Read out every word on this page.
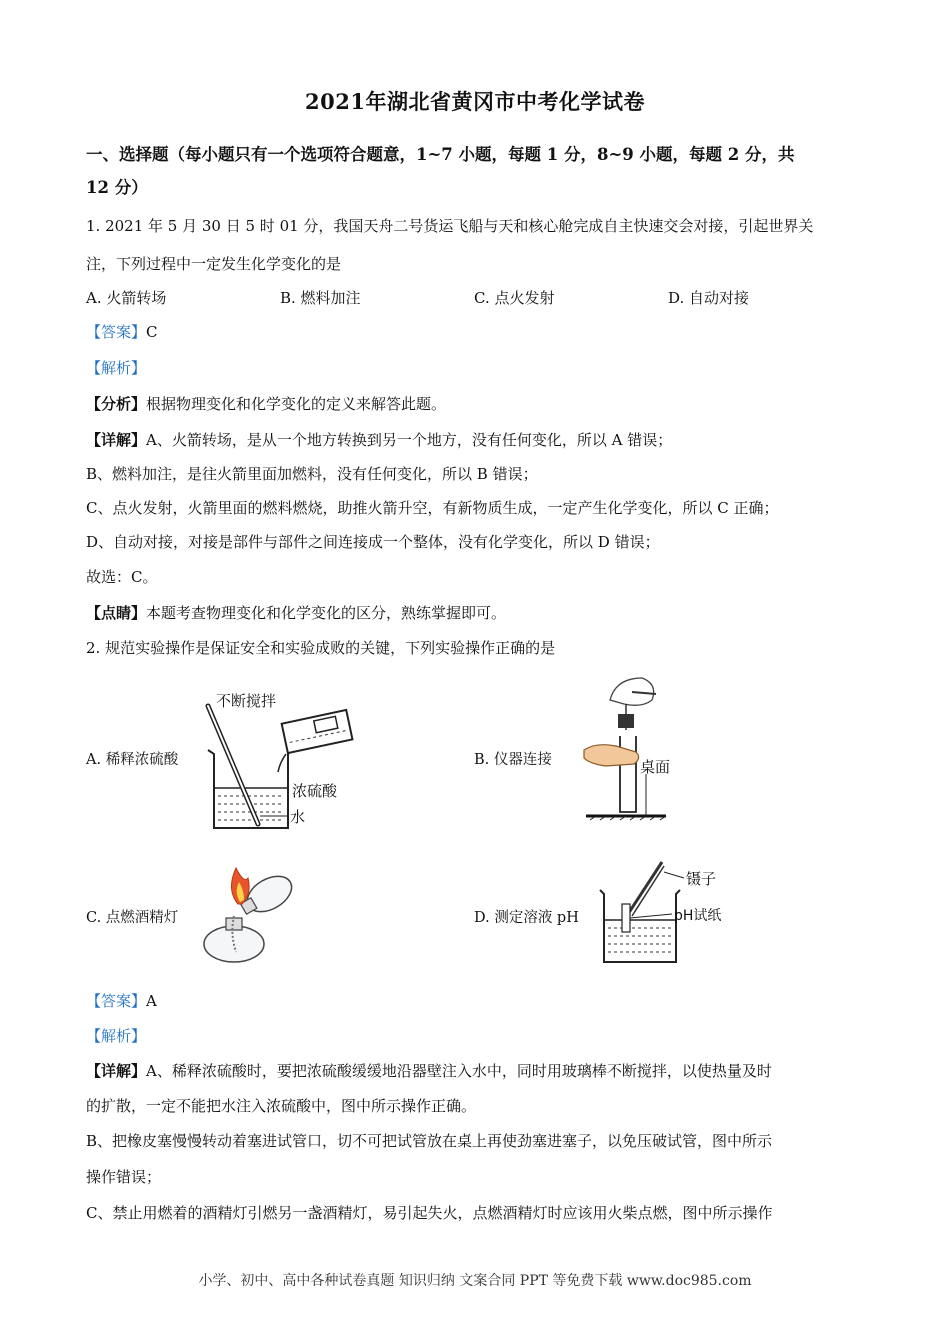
2021年湖北省黄冈市中考化学试卷
一、选择题（每小题只有一个选项符合题意，1~7 小题，每题 1 分，8~9 小题，每题 2 分，共
12 分）
1. 2021 年 5 月 30 日 5 时 01 分，我国天舟二号货运飞船与天和核心舱完成自主快速交会对接，引起世界关
注，下列过程中一定发生化学变化的是
A. 火箭转场	B. 燃料加注	C. 点火发射	D. 自动对接
【答案】C
【解析】
【分析】根据物理变化和化学变化的定义来解答此题。
【详解】A、火箭转场，是从一个地方转换到另一个地方，没有任何变化，所以 A 错误；
B、燃料加注，是往火箭里面加燃料，没有任何变化，所以 B 错误；
C、点火发射，火箭里面的燃料燃烧，助推火箭升空，有新物质生成，一定产生化学变化，所以 C 正确；
D、自动对接，对接是部件与部件之间连接成一个整体，没有化学变化，所以 D 错误；
故选：C。
【点睛】本题考查物理变化和化学变化的区分，熟练掌握即可。
2. 规范实验操作是保证安全和实验成败的关键，下列实验操作正确的是
A. 稀释浓硫酸	B. 仪器连接
C. 点燃酒精灯	D. 测定溶液 pH
不断搅拌
浓硫酸
水
桌面
镊子
pH试纸
【答案】A
【解析】
【详解】A、稀释浓硫酸时，要把浓硫酸缓缓地沿器壁注入水中，同时用玻璃棒不断搅拌，以使热量及时
的扩散，一定不能把水注入浓硫酸中，图中所示操作正确。
B、把橡皮塞慢慢转动着塞进试管口，切不可把试管放在桌上再使劲塞进塞子，以免压破试管，图中所示
操作错误；
C、禁止用燃着的酒精灯引燃另一盏酒精灯，易引起失火，点燃酒精灯时应该用火柴点燃，图中所示操作
小学、初中、高中各种试卷真题 知识归纳 文案合同 PPT 等免费下载 www.doc985.com
